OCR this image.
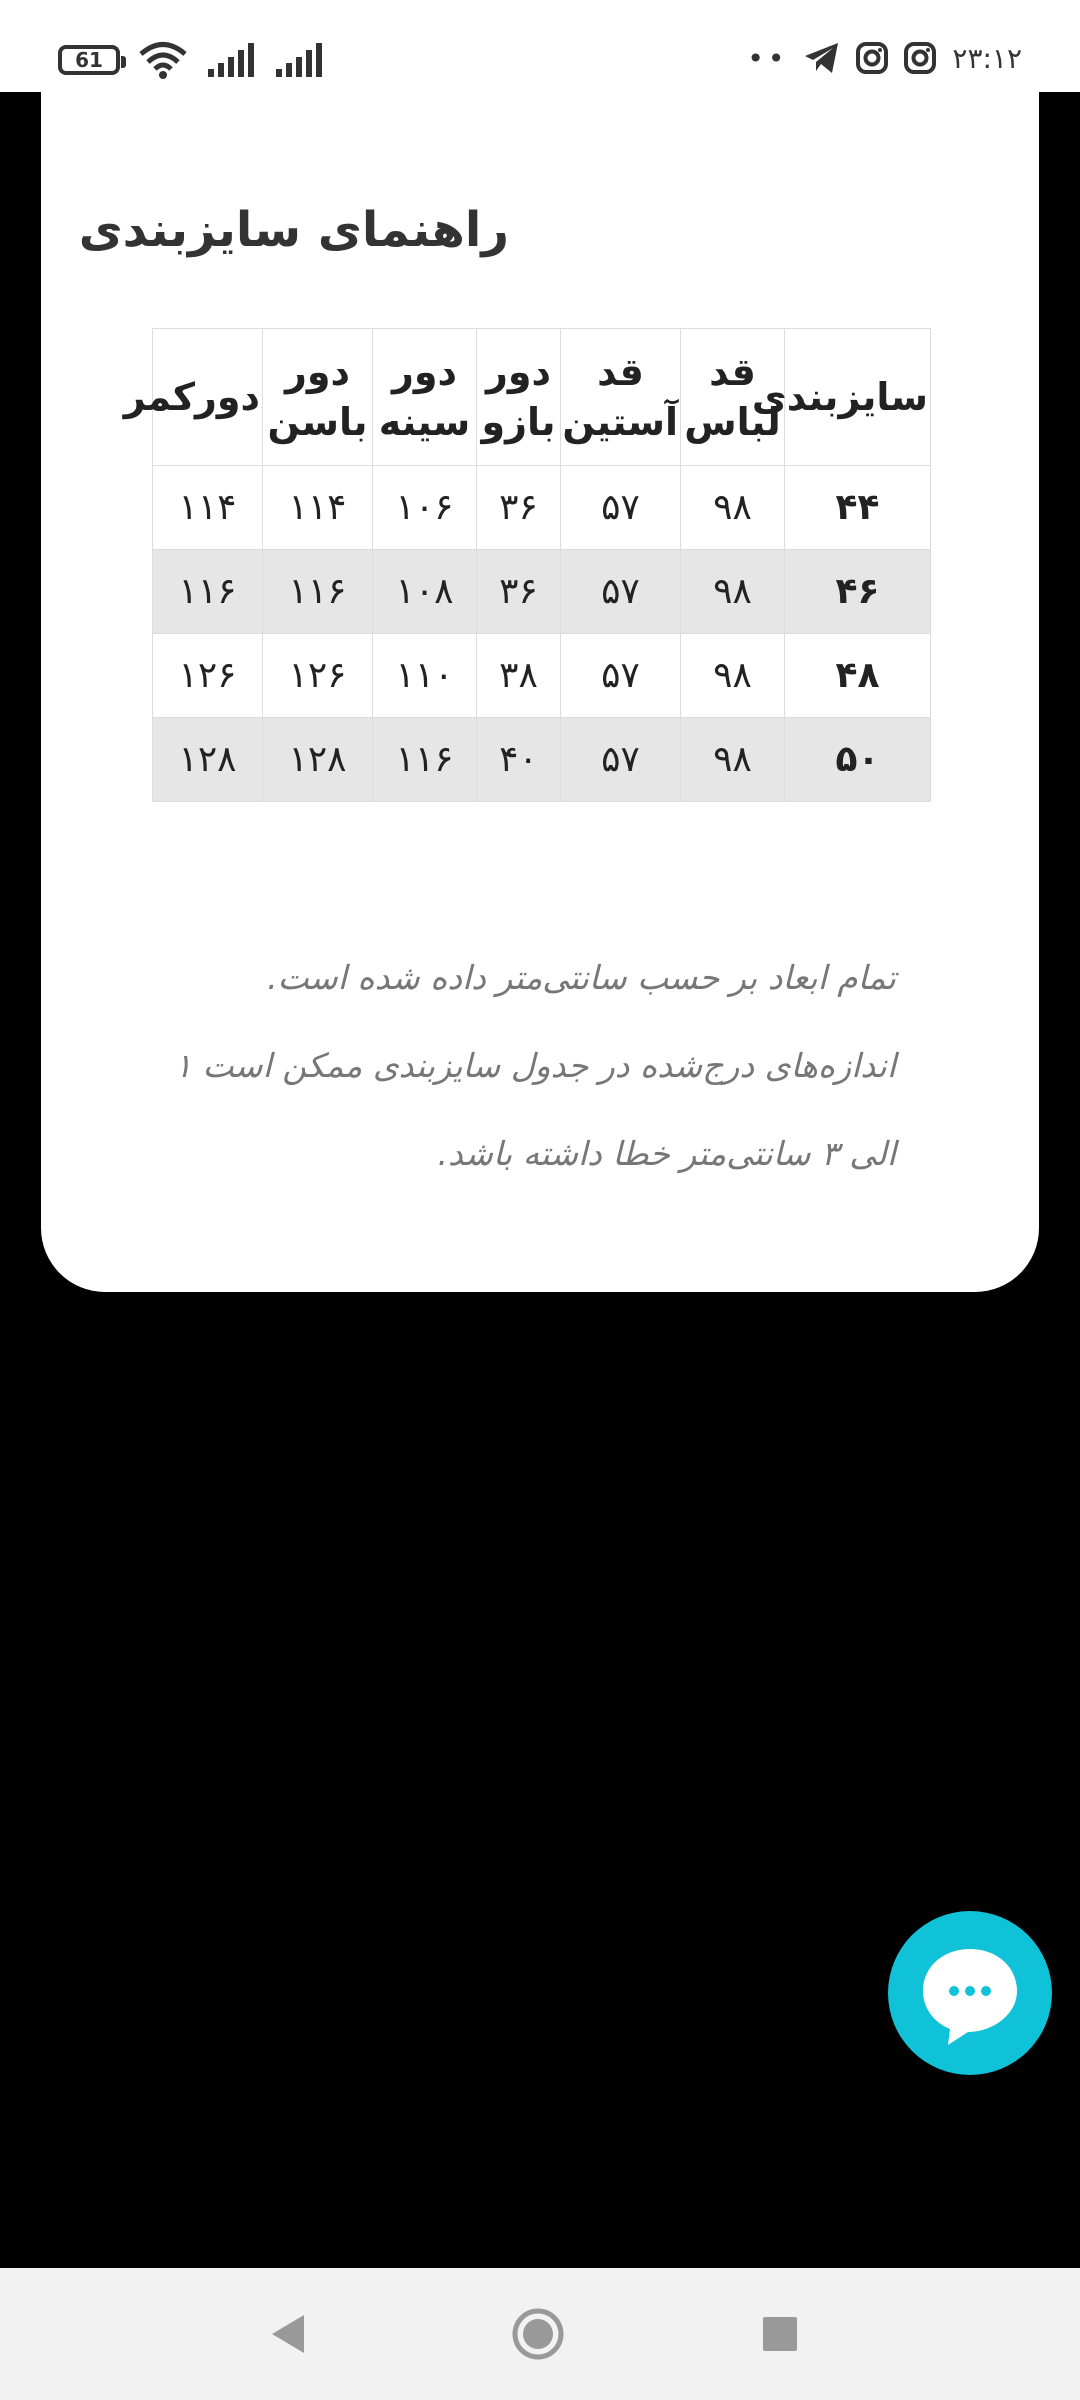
61	••	۲۳:۱۲
راهنمای سایزبندی
سایزبندی	قد لباس	قد آستین	دور بازو	دور سینه	دور باسن	دورکمر
۴۴	۹۸	۵۷	۳۶	۱۰۶	۱۱۴	۱۱۴
۴۶	۹۸	۵۷	۳۶	۱۰۸	۱۱۶	۱۱۶
۴۸	۹۸	۵۷	۳۸	۱۱۰	۱۲۶	۱۲۶
۵۰	۹۸	۵۷	۴۰	۱۱۶	۱۲۸	۱۲۸

تمام ابعاد بر حسب سانتی‌متر داده شده است.

اندازه‌های درج‌شده در جدول سایزبندی ممکن است ۱

الی ۳ سانتی‌متر خطا داشته باشد.
